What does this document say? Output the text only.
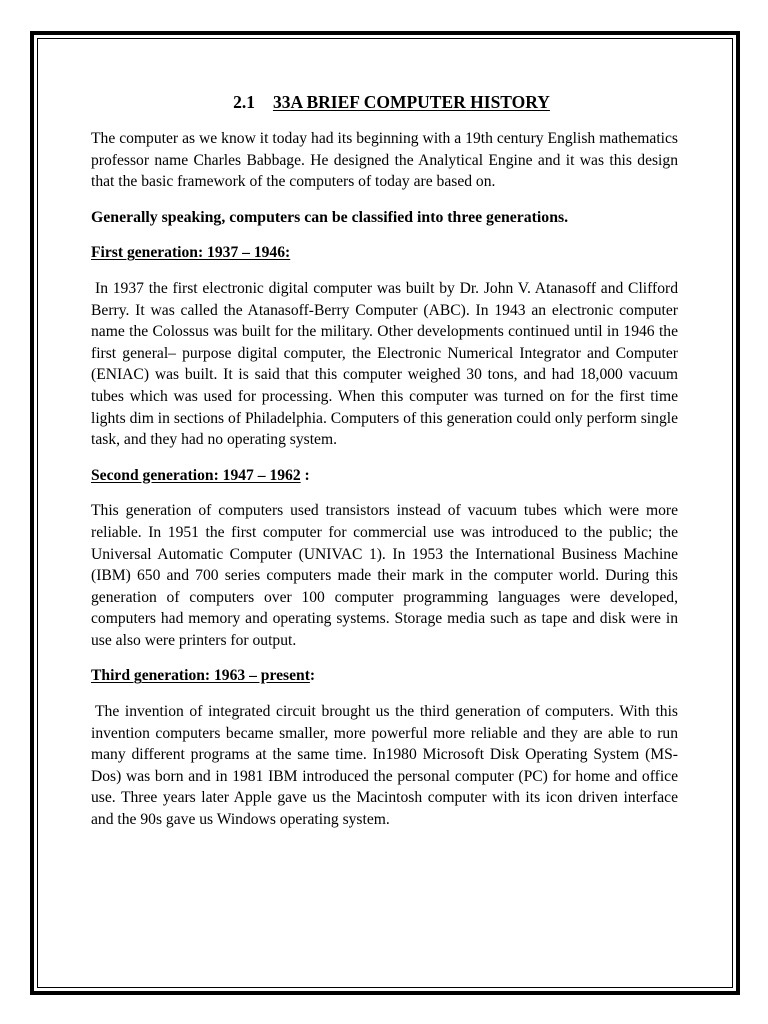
2.1 33A BRIEF COMPUTER HISTORY

The computer as we know it today had its beginning with a 19th century English mathematics professor name Charles Babbage. He designed the Analytical Engine and it was this design that the basic framework of the computers of today are based on.

Generally speaking, computers can be classified into three generations.

First generation: 1937 – 1946:

In 1937 the first electronic digital computer was built by Dr. John V. Atanasoff and Clifford Berry. It was called the Atanasoff-Berry Computer (ABC). In 1943 an electronic computer name the Colossus was built for the military. Other developments continued until in 1946 the first general– purpose digital computer, the Electronic Numerical Integrator and Computer (ENIAC) was built. It is said that this computer weighed 30 tons, and had 18,000 vacuum tubes which was used for processing. When this computer was turned on for the first time lights dim in sections of Philadelphia. Computers of this generation could only perform single task, and they had no operating system.

Second generation: 1947 – 1962 :

This generation of computers used transistors instead of vacuum tubes which were more reliable. In 1951 the first computer for commercial use was introduced to the public; the Universal Automatic Computer (UNIVAC 1). In 1953 the International Business Machine (IBM) 650 and 700 series computers made their mark in the computer world. During this generation of computers over 100 computer programming languages were developed, computers had memory and operating systems. Storage media such as tape and disk were in use also were printers for output.

Third generation: 1963 – present:

The invention of integrated circuit brought us the third generation of computers. With this invention computers became smaller, more powerful more reliable and they are able to run many different programs at the same time. In1980 Microsoft Disk Operating System (MS-Dos) was born and in 1981 IBM introduced the personal computer (PC) for home and office use. Three years later Apple gave us the Macintosh computer with its icon driven interface and the 90s gave us Windows operating system.
